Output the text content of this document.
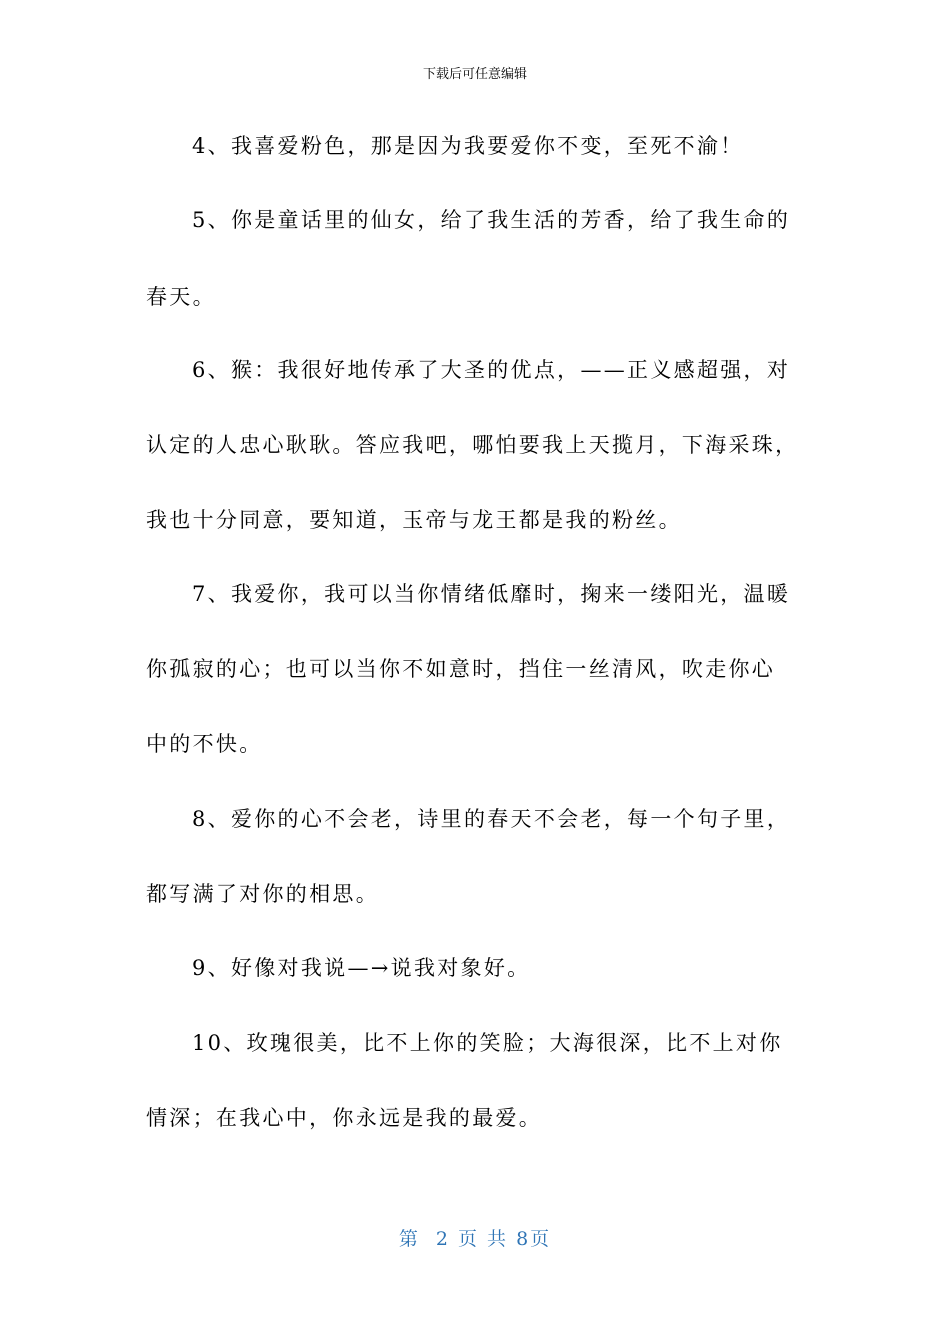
下载后可任意编辑
4、我喜爱粉色，那是因为我要爱你不变，至死不渝！
5、你是童话里的仙女，给了我生活的芳香，给了我生命的
春天。
6、猴：我很好地传承了大圣的优点，——正义感超强，对
认定的人忠心耿耿。答应我吧，哪怕要我上天揽月，下海采珠，
我也十分同意，要知道，玉帝与龙王都是我的粉丝。
7、我爱你，我可以当你情绪低靡时，掬来一缕阳光，温暖
你孤寂的心；也可以当你不如意时，挡住一丝清风，吹走你心
中的不快。
8、爱你的心不会老，诗里的春天不会老，每一个句子里，
都写满了对你的相思。
9、好像对我说—→说我对象好。
10、玫瑰很美，比不上你的笑脸；大海很深，比不上对你
情深；在我心中，你永远是我的最爱。
第  2 页 共 8页
